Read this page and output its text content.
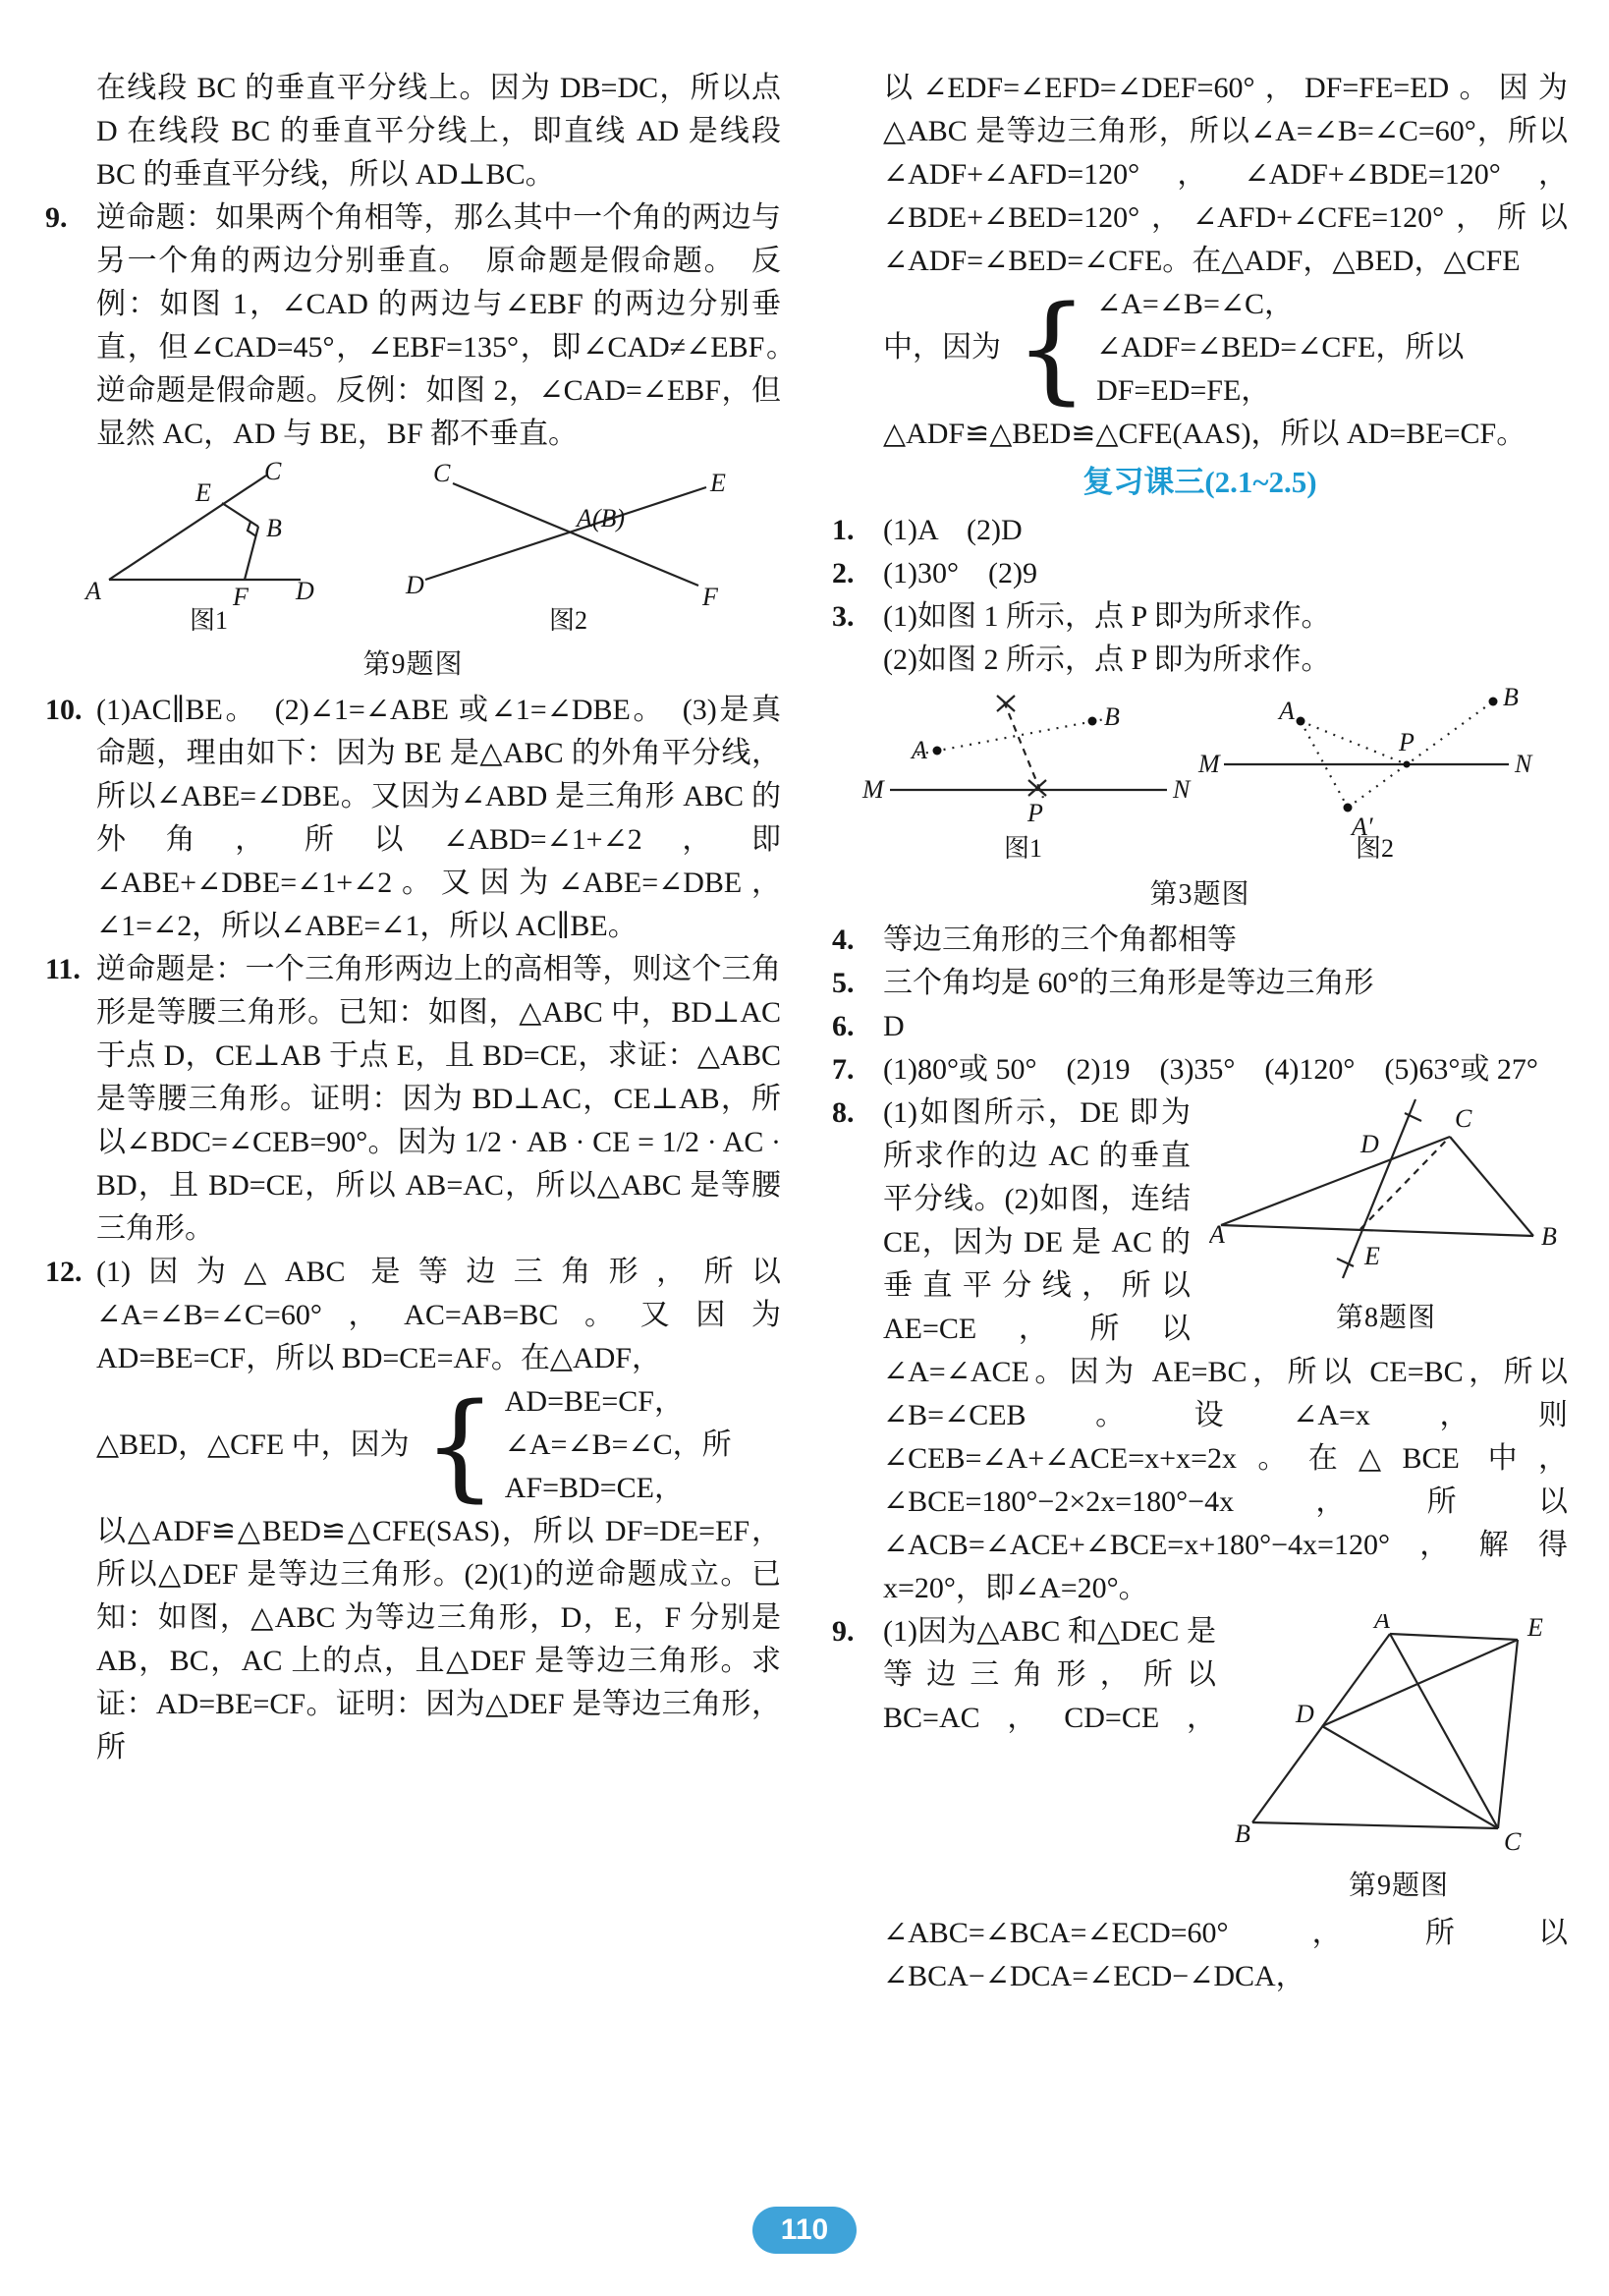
在线段 BC 的垂直平分线上。因为 DB=DC，所以点 D 在线段 BC 的垂直平分线上，即直线 AD 是线段 BC 的垂直平分线，所以 AD⊥BC。

9. 逆命题：如果两个角相等，那么其中一个角的两边与另一个角的两边分别垂直。　原命题是假命题。　反例：如图 1，∠CAD 的两边与∠EBF 的两边分别垂直，但∠CAD=45°，∠EBF=135°，即∠CAD≠∠EBF。　逆命题是假命题。反例：如图 2，∠CAD=∠EBF，但显然 AC，AD 与 BE，BF 都不垂直。
E
C
B
A	F D
图1
C	E
A(B)
D	F
图2
第9题图
10. (1)AC∥BE。　(2)∠1=∠ABE 或∠1=∠DBE。　(3)是真命题，理由如下：因为 BE 是△ABC 的外角平分线，所以∠ABE=∠DBE。又因为∠ABD 是三角形 ABC 的外角，所以∠ABD=∠1+∠2，即∠ABE+∠DBE=∠1+∠2。又因为∠ABE=∠DBE，∠1=∠2，所以∠ABE=∠1，所以 AC∥BE。
11. 逆命题是：一个三角形两边上的高相等，则这个三角形是等腰三角形。已知：如图，△ABC 中，BD⊥AC 于点 D，CE⊥AB 于点 E，且 BD=CE，求证：△ABC 是等腰三角形。证明：因为 BD⊥AC，CE⊥AB，所以∠BDC=∠CEB=90°。因为 1/2 · AB · CE = 1/2 · AC · BD，且 BD=CE，所以 AB=AC，所以△ABC 是等腰三角形。
12. (1)因为△ABC 是等边三角形，所以∠A=∠B=∠C=60°，AC=AB=BC。又因为 AD=BE=CF，所以 BD=CE=AF。在△ADF，
△BED，△CFE 中，因为 { AD=BE=CF，
∠A=∠B=∠C，所
AF=BD=CE，
以△ADF≌△BED≌△CFE(SAS)，所以 DF=DE=EF，所以△DEF 是等边三角形。(2)(1)的逆命题成立。已知：如图，△ABC 为等边三角形，D，E，F 分别是 AB，BC，AC 上的点，且△DEF 是等边三角形。求证：AD=BE=CF。证明：因为△DEF 是等边三角形，所
以∠EDF=∠EFD=∠DEF=60°，DF=FE=ED。因为△ABC 是等边三角形，所以∠A=∠B=∠C=60°，所以∠ADF+∠AFD=120°，∠ADF+∠BDE=120°，∠BDE+∠BED=120°，∠AFD+∠CFE=120°，所以∠ADF=∠BED=∠CFE。在△ADF，△BED，△CFE
中，因为 { ∠A=∠B=∠C，
∠ADF=∠BED=∠CFE，所以
DF=ED=FE，
△ADF≌△BED≌△CFE(AAS)，所以 AD=BE=CF。
复习课三(2.1~2.5)
1. (1)A　(2)D
2. (1)30°　(2)9
3. (1)如图 1 所示，点 P 即为所求作。
(2)如图 2 所示，点 P 即为所求作。
A
B
M	N
P
图1
A	B
M	N
P
A′
图2
第3题图
4. 等边三角形的三个角都相等
5. 三个角均是 60°的三角形是等边三角形
6. D
7. (1)80°或 50°　(2)19　(3)35°　(4)120°　(5)63°或 27°
8.
A	B
C
D
E
第8题图
(1)如图所示，DE 即为所求作的边 AC 的垂直平分线。(2)如图，连结 CE，因为 DE 是 AC 的垂直平分线，所以 AE=CE，所以∠A=∠ACE。因为 AE=BC，所以 CE=BC，所以∠B=∠CEB。设∠A=x，则∠CEB=∠A+∠ACE=x+x=2x。在△BCE 中，∠BCE=180°−2×2x=180°−4x，所以∠ACB=∠ACE+∠BCE=x+180°−4x=120°，解得 x=20°，即∠A=20°。
9.	A	E
D
B	C
第9题图
(1)因为△ABC 和△DEC 是等边三角形，所以 BC=AC，CD=CE，∠ABC=∠BCA=∠ECD=60°，所以∠BCA−∠DCA=∠ECD−∠DCA，
110
